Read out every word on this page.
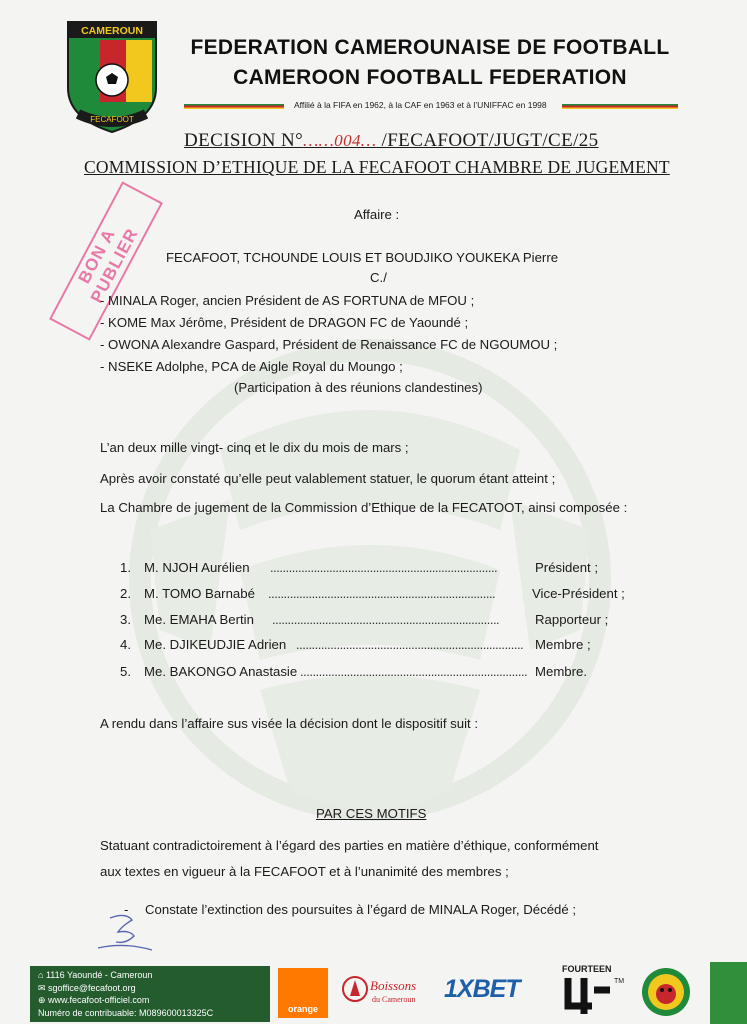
CAMEROUN
FECAFOOT
FEDERATION CAMEROUNAISE DE FOOTBALL
CAMEROON FOOTBALL FEDERATION
Affilié à la FIFA en 1962, à la CAF en 1963 et à l’UNIFFAC en 1998
DECISION N°……004… /FECAFOOT/JUGT/CE/25
COMMISSION D’ETHIQUE DE LA FECAFOOT CHAMBRE DE JUGEMENT
BON A PUBLIER
Affaire :
FECAFOOT, TCHOUNDE LOUIS ET BOUDJIKO YOUKEKA Pierre
C./
- MINALA Roger, ancien Président de AS FORTUNA de MFOU ;
- KOME Max Jérôme, Président de DRAGON FC de Yaoundé ;
- OWONA Alexandre Gaspard, Président de Renaissance FC de NGOUMOU ;
- NSEKE Adolphe, PCA de Aigle Royal du Moungo ;
(Participation à des réunions clandestines)
L’an deux mille vingt- cinq et le dix du mois de mars ;
Après avoir constaté qu’elle peut valablement statuer, le quorum étant atteint ;
La Chambre de jugement de la Commission d’Ethique de la FECATOOT, ainsi composée :
1. M. NJOH Aurélien .........................................................................	Président ;
2. M. TOMO Barnabé .........................................................................	Vice-Président ;
3. Me. EMAHA Bertin .........................................................................	Rapporteur ;
4. Me. DJIKEUDJIE Adrien ......................................................................... Membre ;
5. Me. BAKONGO Anastasie ......................................................................... Membre.
A rendu dans l’affaire sus visée la décision dont le dispositif suit :
PAR CES MOTIFS
Statuant contradictoirement à l’égard des parties en matière d’éthique, conformément
aux textes en vigueur à la FECAFOOT et à l’unanimité des membres ;
- Constate l’extinction des poursuites à l’égard de MINALA Roger, Décédé ;
⌂ 1116 Yaoundé - Cameroun
✉ sgoffice@fecafoot.org
⊕ www.fecafoot-officiel.com
Numéro de contribuable: M089600013325C	orange
Boissons
du Cameroun 1XBET
FOURTEEN
TM
